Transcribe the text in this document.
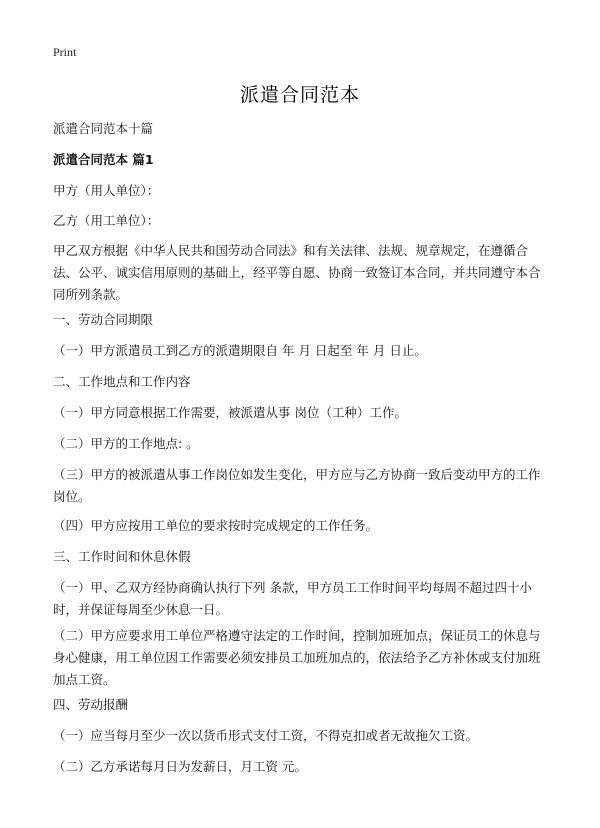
Print
派遣合同范本
派遣合同范本十篇
派遣合同范本 篇1
甲方（用人单位）：
乙方（用工单位）：
甲乙双方根据《中华人民共和国劳动合同法》和有关法律、法规、规章规定，在遵循合法、公平、诚实信用原则的基础上，经平等自愿、协商一致签订本合同，并共同遵守本合同所列条款。
一、劳动合同期限
（一）甲方派遣员工到乙方的派遣期限自 年 月 日起至 年 月 日止。
二、工作地点和工作内容
（一）甲方同意根据工作需要，被派遣从事 岗位（工种）工作。
（二）甲方的工作地点: 。
（三）甲方的被派遣从事工作岗位如发生变化，甲方应与乙方协商一致后变动甲方的工作岗位。
（四）甲方应按用工单位的要求按时完成规定的工作任务。
三、工作时间和休息休假
（一）甲、乙双方经协商确认执行下列 条款，甲方员工工作时间平均每周不超过四十小时，并保证每周至少休息一日。
（二）甲方应要求用工单位严格遵守法定的工作时间，控制加班加点，保证员工的休息与身心健康，用工单位因工作需要必须安排员工加班加点的，依法给予乙方补休或支付加班加点工资。
四、劳动报酬
（一）应当每月至少一次以货币形式支付工资，不得克扣或者无故拖欠工资。
（二）乙方承诺每月日为发薪日，月工资 元。
